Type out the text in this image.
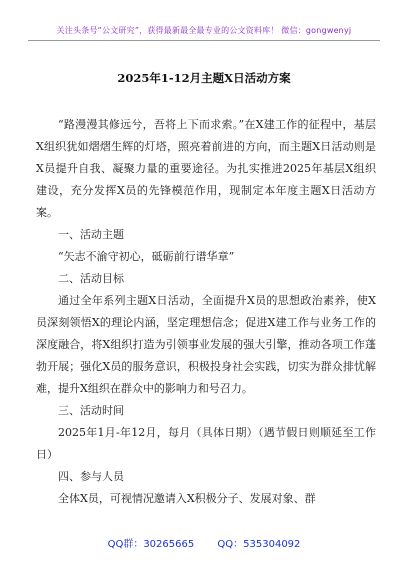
关注头条号“公文研究”，获得最新最全最专业的公文资料库！ 微信：gongwenyj
2025年1-12月主题X日活动方案

“路漫漫其修远兮，吾将上下而求索。”在X建工作的征程中，基层X组织犹如熠熠生辉的灯塔，照亮着前进的方向，而主题X日活动则是X员提升自我、凝聚力量的重要途径。为扎实推进2025年基层X组织建设，充分发挥X员的先锋模范作用，现制定本年度主题X日活动方案。

一、活动主题

“矢志不渝守初心，砥砺前行谱华章”

二、活动目标

通过全年系列主题X日活动，全面提升X员的思想政治素养，使X员深刻领悟X的理论内涵，坚定理想信念；促进X建工作与业务工作的深度融合，将X组织打造为引领事业发展的强大引擎，推动各项工作蓬勃开展；强化X员的服务意识，积极投身社会实践，切实为群众排忧解难，提升X组织在群众中的影响力和号召力。

三、活动时间

2025年1月-年12月，每月（具体日期）（遇节假日则顺延至工作日）

四、参与人员

全体X员，可视情况邀请入X积极分子、发展对象、群

QQ群：30265665 QQ：535304092
